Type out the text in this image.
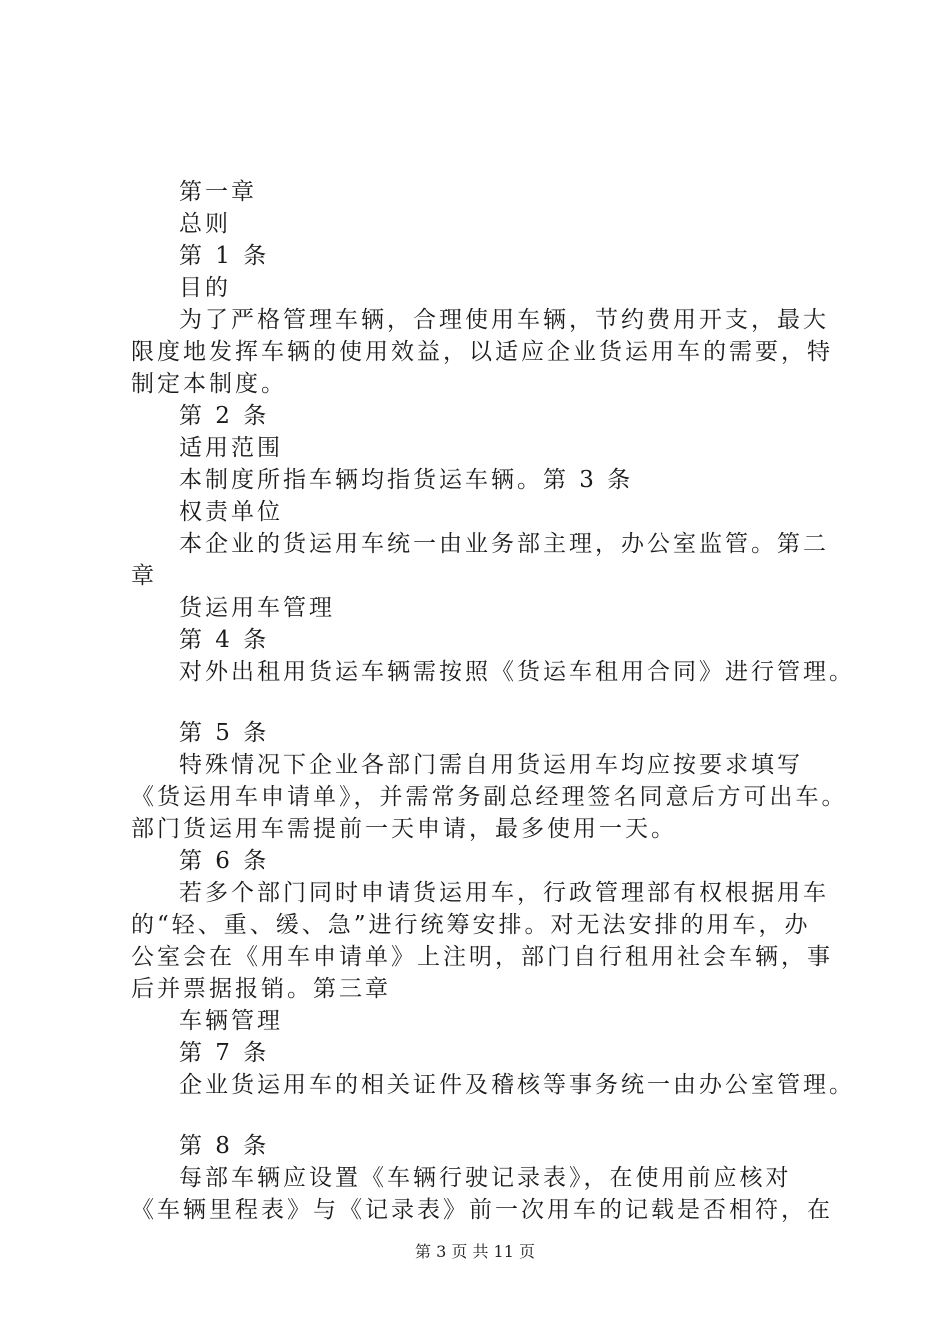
第一章
总则
第 1 条
目的
为了严格管理车辆，合理使用车辆，节约费用开支，最大
限度地发挥车辆的使用效益，以适应企业货运用车的需要，特
制定本制度。
第 2 条
适用范围
本制度所指车辆均指货运车辆。第 3 条
权责单位
本企业的货运用车统一由业务部主理，办公室监管。第二
章
货运用车管理
第 4 条
对外出租用货运车辆需按照《货运车租用合同》进行管理。
第 5 条
特殊情况下企业各部门需自用货运用车均应按要求填写
《货运用车申请单》，并需常务副总经理签名同意后方可出车。
部门货运用车需提前一天申请，最多使用一天。
第 6 条
若多个部门同时申请货运用车，行政管理部有权根据用车
的“轻、重、缓、急”进行统筹安排。对无法安排的用车，办
公室会在《用车申请单》上注明，部门自行租用社会车辆，事
后并票据报销。第三章
车辆管理
第 7 条
企业货运用车的相关证件及稽核等事务统一由办公室管理。
第 8 条
每部车辆应设置《车辆行驶记录表》，在使用前应核对
《车辆里程表》与《记录表》前一次用车的记载是否相符，在
第 3 页 共 11 页
